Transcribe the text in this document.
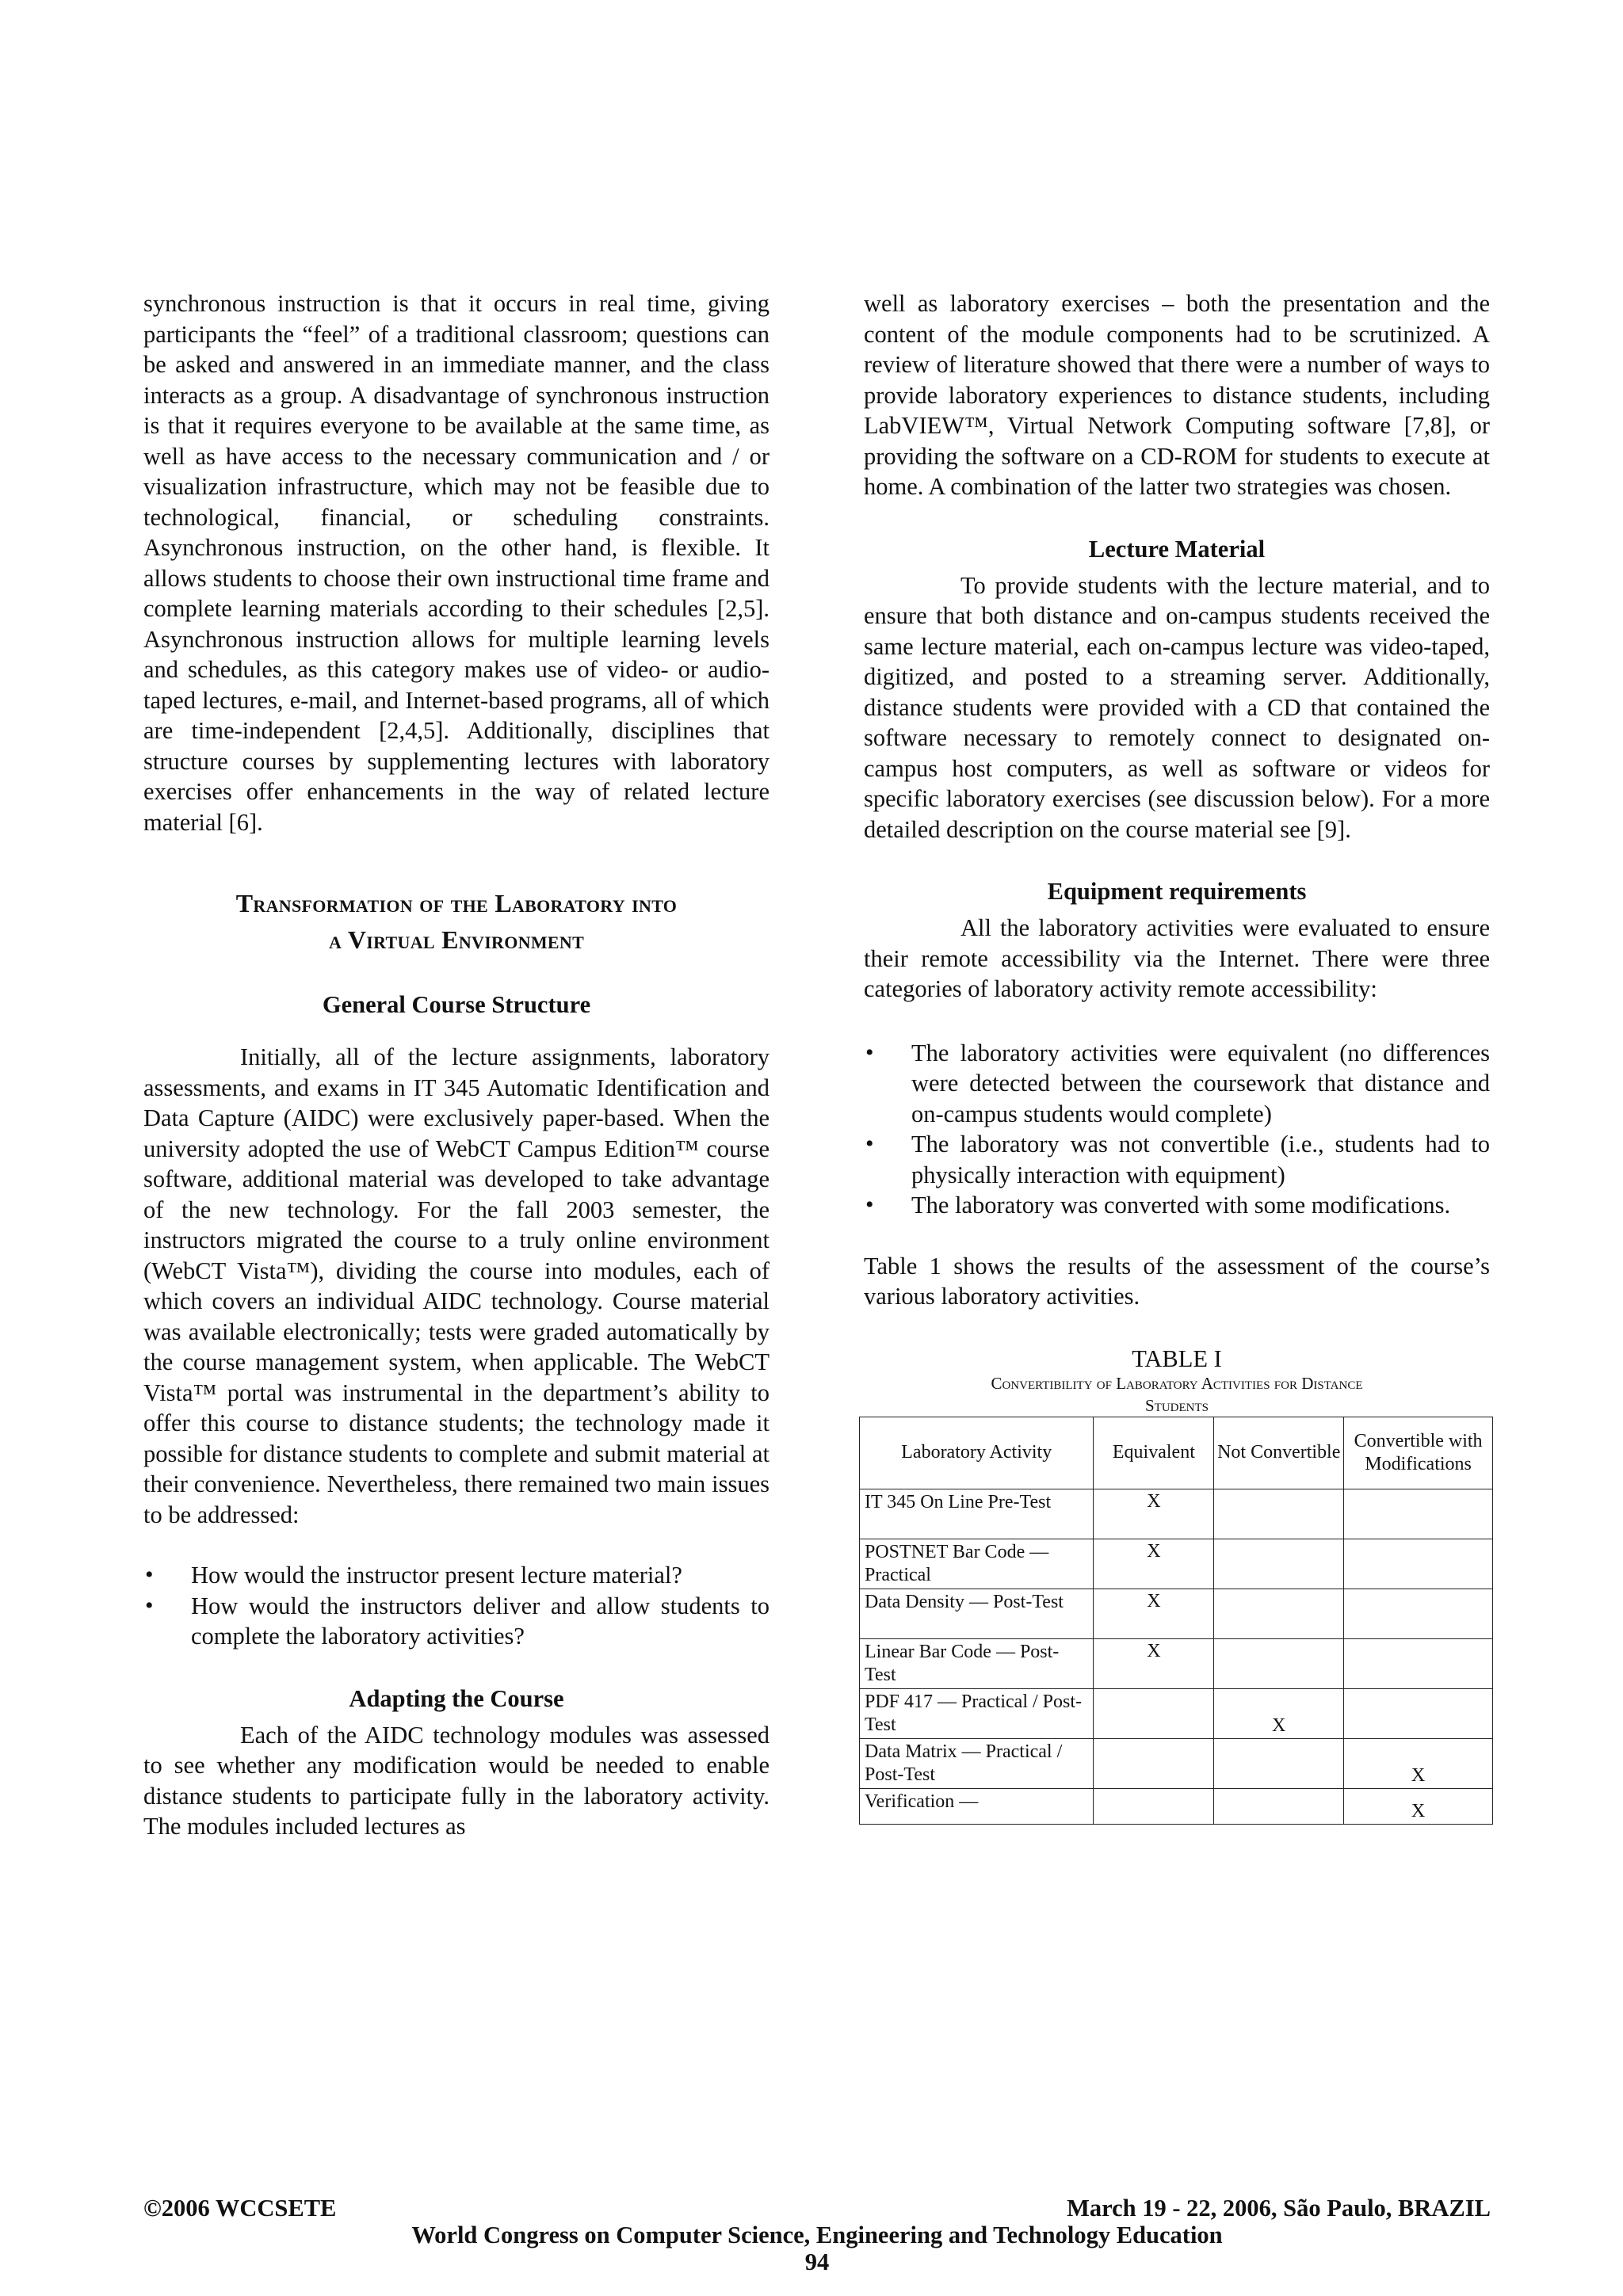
synchronous instruction is that it occurs in real time, giving participants the “feel” of a traditional classroom; questions can be asked and answered in an immediate manner, and the class interacts as a group. A disadvantage of synchronous instruction is that it requires everyone to be available at the same time, as well as have access to the necessary communication and / or visualization infrastructure, which may not be feasible due to technological, financial, or scheduling constraints. Asynchronous instruction, on the other hand, is flexible. It allows students to choose their own instructional time frame and complete learning materials according to their schedules [2,5]. Asynchronous instruction allows for multiple learning levels and schedules, as this category makes use of video- or audio-taped lectures, e-mail, and Internet-based programs, all of which are time-independent [2,4,5]. Additionally, disciplines that structure courses by supplementing lectures with laboratory exercises offer enhancements in the way of related lecture material [6].

Transformation of the Laboratory into
a Virtual Environment
General Course Structure

Initially, all of the lecture assignments, laboratory assessments, and exams in IT 345 Automatic Identification and Data Capture (AIDC) were exclusively paper-based. When the university adopted the use of WebCT Campus Edition™ course software, additional material was developed to take advantage of the new technology. For the fall 2003 semester, the instructors migrated the course to a truly online environment (WebCT Vista™), dividing the course into modules, each of which covers an individual AIDC technology. Course material was available electronically; tests were graded automatically by the course management system, when applicable. The WebCT Vista™ portal was instrumental in the department’s ability to offer this course to distance students; the technology made it possible for distance students to complete and submit material at their convenience. Nevertheless, there remained two main issues to be addressed:

• How would the instructor present lecture material?
• How would the instructors deliver and allow students to complete the laboratory activities?
Adapting the Course

Each of the AIDC technology modules was assessed to see whether any modification would be needed to enable distance students to participate fully in the laboratory activity. The modules included lectures as

well as laboratory exercises – both the presentation and the content of the module components had to be scrutinized. A review of literature showed that there were a number of ways to provide laboratory experiences to distance students, including LabVIEW™, Virtual Network Computing software [7,8], or providing the software on a CD-ROM for students to execute at home. A combination of the latter two strategies was chosen.

Lecture Material

To provide students with the lecture material, and to ensure that both distance and on-campus students received the same lecture material, each on-campus lecture was video-taped, digitized, and posted to a streaming server. Additionally, distance students were provided with a CD that contained the software necessary to remotely connect to designated on-campus host computers, as well as software or videos for specific laboratory exercises (see discussion below). For a more detailed description on the course material see [9].

Equipment requirements

All the laboratory activities were evaluated to ensure their remote accessibility via the Internet. There were three categories of laboratory activity remote accessibility:

• The laboratory activities were equivalent (no differences were detected between the coursework that distance and on-campus students would complete)
• The laboratory was not convertible (i.e., students had to physically interaction with equipment)
• The laboratory was converted with some modifications.

Table 1 shows the results of the assessment of the course’s various laboratory activities.

TABLE I

Convertibility of Laboratory Activities for Distance
Students

Laboratory Activity	Equivalent	Not Convertible	Convertible with Modifications
IT 345 On Line Pre-Test	X		
POSTNET Bar Code — Practical	X		
Data Density — Post-Test	X		
Linear Bar Code — Post-Test	X		
PDF 417 — Practical / Post-Test		X	
Data Matrix — Practical / Post-Test			X
Verification —			X
©2006 WCCSETE	March 19 - 22, 2006, São Paulo, BRAZIL
World Congress on Computer Science, Engineering and Technology Education
94
